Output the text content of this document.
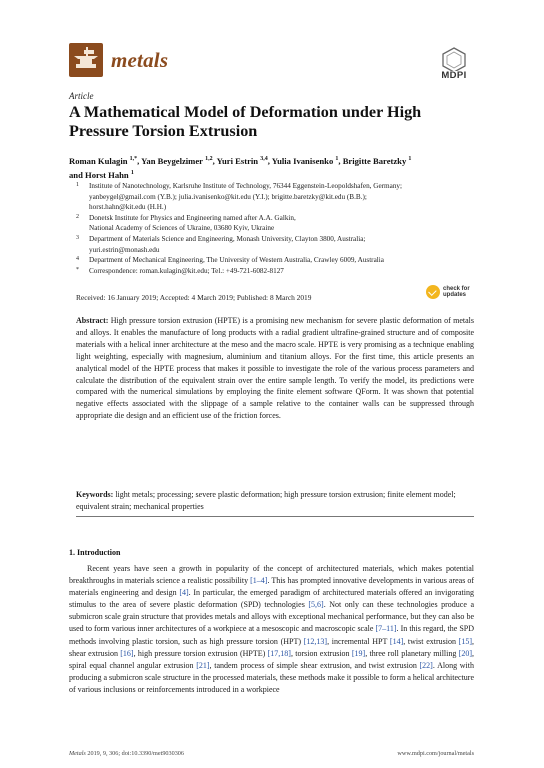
metals
MDPI
Article
A Mathematical Model of Deformation under High Pressure Torsion Extrusion
Roman Kulagin $^{1,*}$, Yan Beygelzimer $^{1,2}$, Yuri Estrin $^{3,4}$, Yulia Ivanisenko $^1$, Brigitte Baretzky $^1$
and Horst Hahn $^1$
1	Institute of Nanotechnology, Karlsruhe Institute of Technology, 76344 Eggenstein-Leopoldshafen, Germany;
yanbeygel@gmail.com (Y.B.); julia.ivanisenko@kit.edu (Y.I.); brigitte.baretzky@kit.edu (B.B.);
horst.hahn@kit.edu (H.H.)
2	Donetsk Institute for Physics and Engineering named after A.A. Galkin,
National Academy of Sciences of Ukraine, 03680 Kyiv, Ukraine
3	Department of Materials Science and Engineering, Monash University, Clayton 3800, Australia;
yuri.estrin@monash.edu
4	Department of Mechanical Engineering, The University of Western Australia, Crawley 6009, Australia
*	Correspondence: roman.kulagin@kit.edu; Tel.: +49-721-6082-8127
Received: 16 January 2019; Accepted: 4 March 2019; Published: 8 March 2019
check for
updates
Abstract: High pressure torsion extrusion (HPTE) is a promising new mechanism for severe plastic deformation of metals and alloys. It enables the manufacture of long products with a radial gradient ultrafine-grained structure and of composite materials with a helical inner architecture at the meso and the macro scale. HPTE is very promising as a technique enabling light weighting, especially with magnesium, aluminium and titanium alloys. For the first time, this article presents an analytical model of the HPTE process that makes it possible to investigate the role of the various process parameters and calculate the distribution of the equivalent strain over the entire sample length. To verify the model, its predictions were compared with the numerical simulations by employing the finite element software QForm. It was shown that potential negative effects associated with the slippage of a sample relative to the container walls can be suppressed through appropriate die design and an efficient use of the friction forces.
Keywords: light metals; processing; severe plastic deformation; high pressure torsion extrusion; finite element model; equivalent strain; mechanical properties
1. Introduction
Recent years have seen a growth in popularity of the concept of architectured materials, which makes potential breakthroughs in materials science a realistic possibility [1–4]. This has prompted innovative developments in various areas of materials engineering and design [4]. In particular, the emerged paradigm of architectured materials offered an invigorating stimulus to the area of severe plastic deformation (SPD) technologies [5,6]. Not only can these technologies produce a submicron scale grain structure that provides metals and alloys with exceptional mechanical performance, but they can also be used to form various inner architectures of a workpiece at a mesoscopic and macroscopic scale [7–11]. In this regard, the SPD methods involving plastic torsion, such as high pressure torsion (HPT) [12,13], incremental HPT [14], twist extrusion [15], shear extrusion [16], high pressure torsion extrusion (HPTE) [17,18], torsion extrusion [19], three roll planetary milling [20], spiral equal channel angular extrusion [21], tandem process of simple shear extrusion, and twist extrusion [22]. Along with producing a submicron scale structure in the processed materials, these methods make it possible to form a helical architecture of various inclusions or reinforcements introduced in a workpiece
Metals 2019, 9, 306; doi:10.3390/met9030306	www.mdpi.com/journal/metals
